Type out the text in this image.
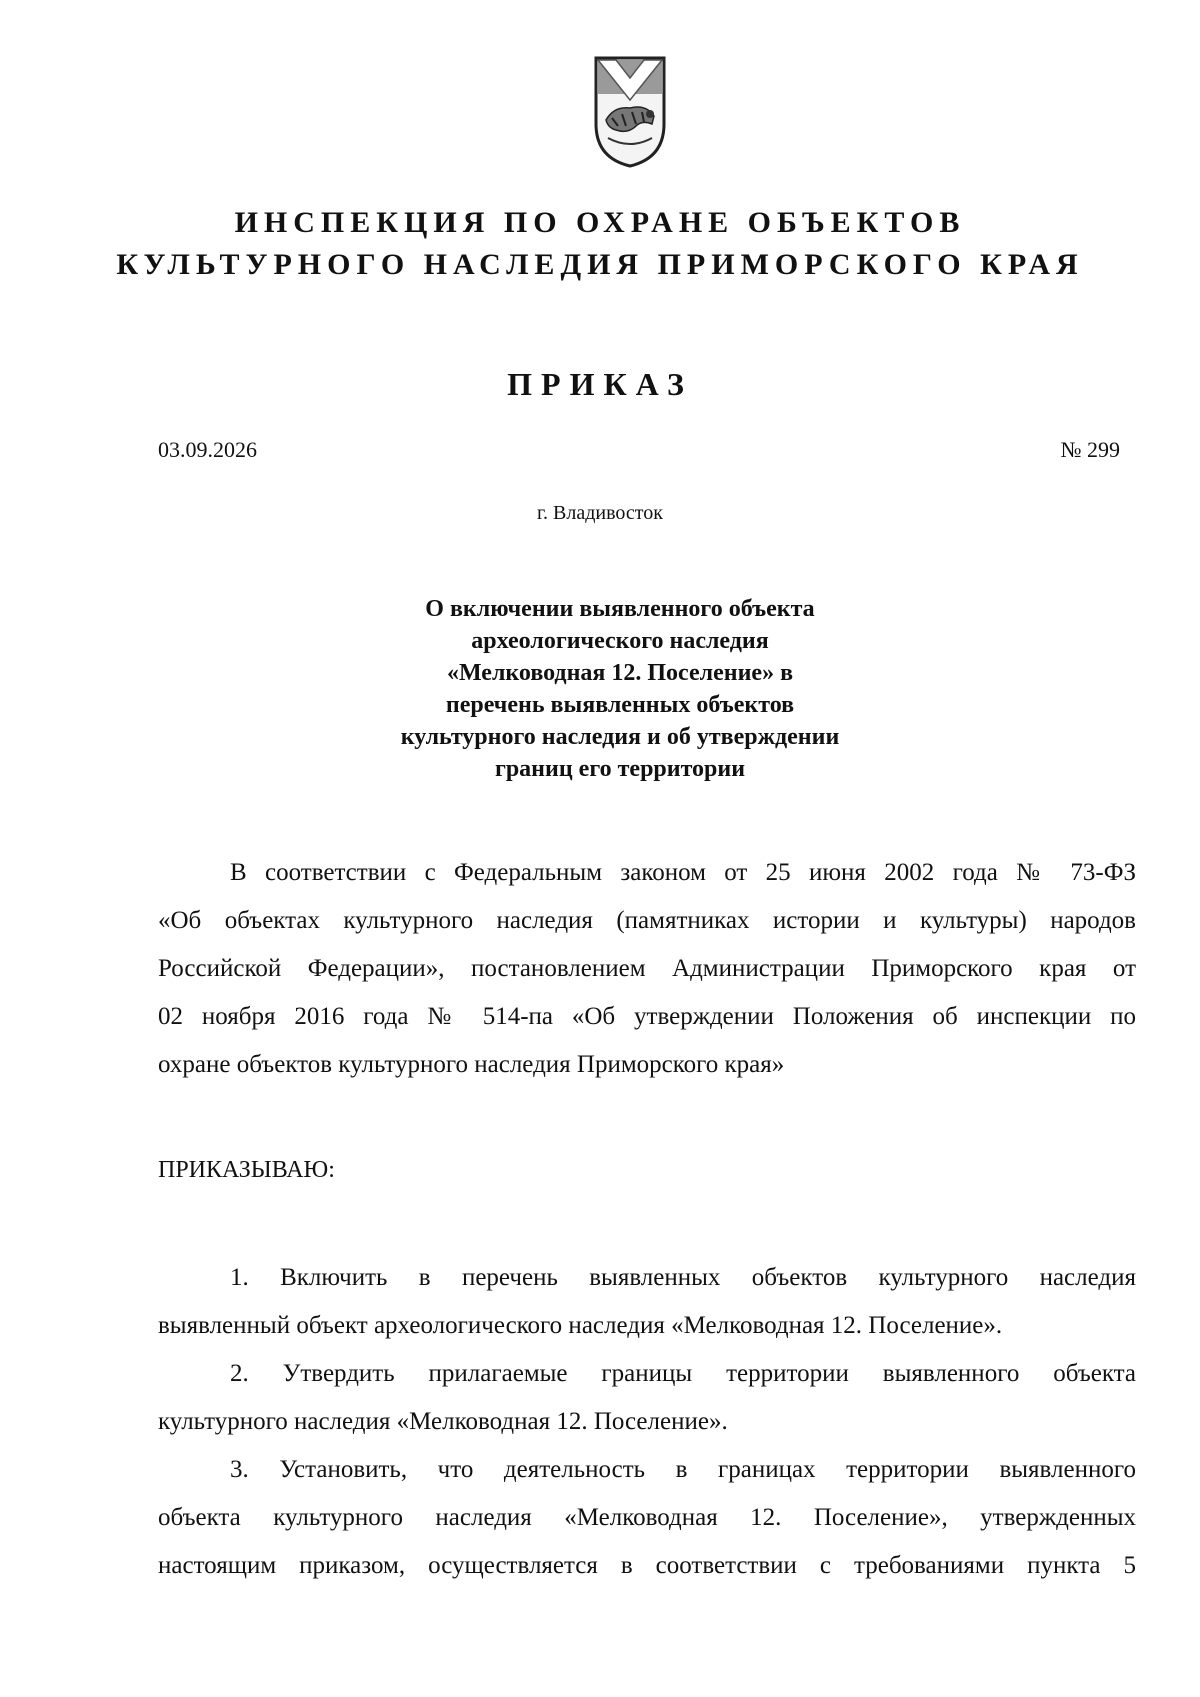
ИНСПЕКЦИЯ ПО ОХРАНЕ ОБЪЕКТОВ
КУЛЬТУРНОГО НАСЛЕДИЯ ПРИМОРСКОГО КРАЯ
ПРИКАЗ
03.09.2026	№ 299
г. Владивосток
О включении выявленного объекта
археологического наследия
«Мелководная 12. Поселение» в
перечень выявленных объектов
культурного наследия и об утверждении
границ его территории
В соответствии с Федеральным законом от 25 июня 2002 года № 73-ФЗ
«Об объектах культурного наследия (памятниках истории и культуры) народов
Российской Федерации», постановлением Администрации Приморского края от
02 ноября 2016 года № 514-па «Об утверждении Положения об инспекции по
охране объектов культурного наследия Приморского края»
ПРИКАЗЫВАЮ:
1. Включить в перечень выявленных объектов культурного наследия
выявленный объект археологического наследия «Мелководная 12. Поселение».
2. Утвердить прилагаемые границы территории выявленного объекта
культурного наследия «Мелководная 12. Поселение».
3. Установить, что деятельность в границах территории выявленного
объекта культурного наследия «Мелководная 12. Поселение», утвержденных
настоящим приказом, осуществляется в соответствии с требованиями пункта 5
